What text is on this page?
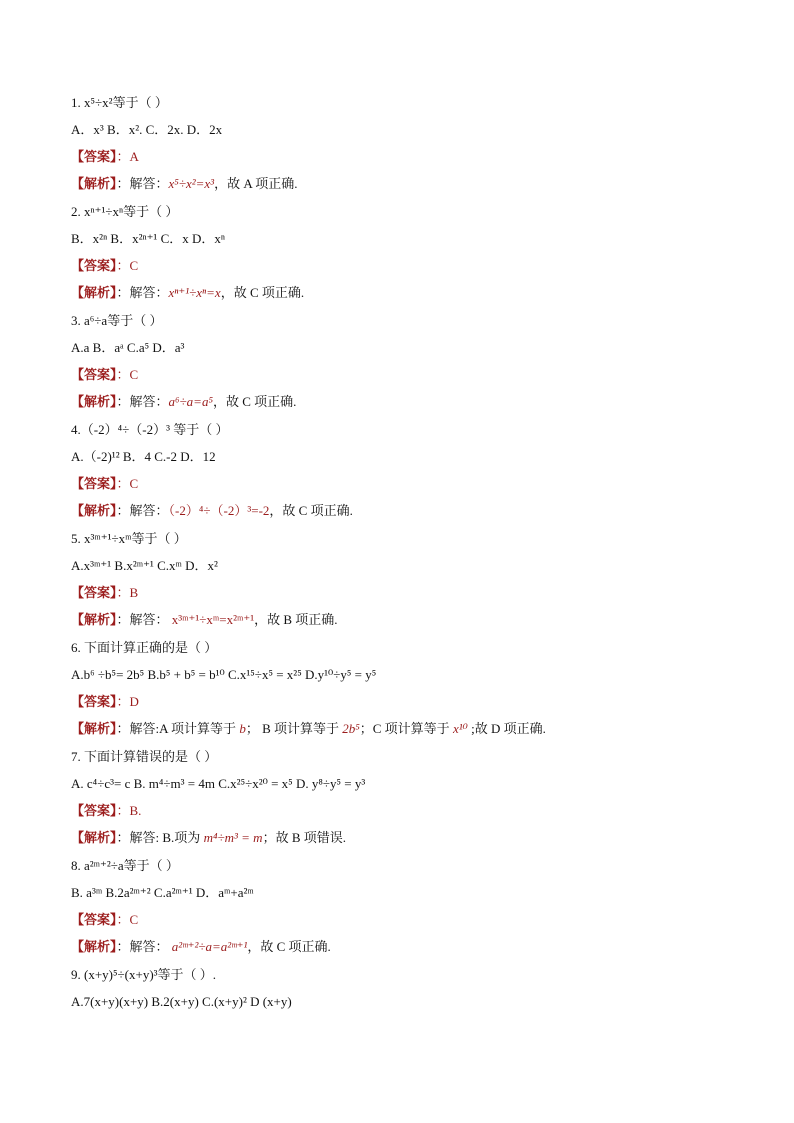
1. x⁵÷x²等于（ ）
A．x³ B．x². C．2x. D．2x
【答案】：A
【解析】：解答：x⁵÷x²=x³，故 A 项正确.
2. xⁿ⁺¹÷xⁿ等于（ ）
B．x²ⁿ B．x²ⁿ⁺¹ C．x D．xⁿ
【答案】：C
【解析】：解答：xⁿ⁺¹÷xⁿ=x，故 C 项正确.
3. a⁶÷a等于（ ）
A.a B．aᵃ C.a⁵ D．a³
【答案】：C
【解析】：解答：a⁶÷a=a⁵，故 C 项正确.
4.（-2）⁴÷（-2）³ 等于（ ）
A.（-2)¹² B．4 C.-2 D．12
【答案】：C
【解析】：解答：（-2）⁴÷（-2）³=-2，故 C 项正确.
5. x³ᵐ⁺¹÷xᵐ等于（ ）
A.x³ᵐ⁺¹ B.x²ᵐ⁺¹ C.xᵐ D．x²
【答案】：B
【解析】：解答： x³ᵐ⁺¹÷xᵐ=x²ᵐ⁺¹，故 B 项正确.
6. 下面计算正确的是（ ）
A.b⁶ ÷b⁵= 2b⁵ B.b⁵ + b⁵ = b¹⁰ C.x¹⁵÷x⁵ = x²⁵ D.y¹⁰÷y⁵ = y⁵
【答案】：D
【解析】：解答:A 项计算等于 b； B 项计算等于 2b⁵；C 项计算等于 x¹⁰ ;故 D 项正确.
7. 下面计算错误的是（ ）
A. c⁴÷c³= c B. m⁴÷m³ = 4m C.x²⁵÷x²⁰ = x⁵ D. y⁸÷y⁵ = y³
【答案】：B.
【解析】：解答: B.项为 m⁴÷m³ = m；故 B 项错误.
8. a²ᵐ⁺²÷a等于（ ）
B. a³ᵐ B.2a²ᵐ⁺² C.a²ᵐ⁺¹ D．aᵐ+a²ᵐ
【答案】：C
【解析】：解答： a²ᵐ⁺²÷a=a²ᵐ⁺¹，故 C 项正确.
9. (x+y)⁵÷(x+y)³等于（ ）.
A.7(x+y)(x+y) B.2(x+y) C.(x+y)² D (x+y)
